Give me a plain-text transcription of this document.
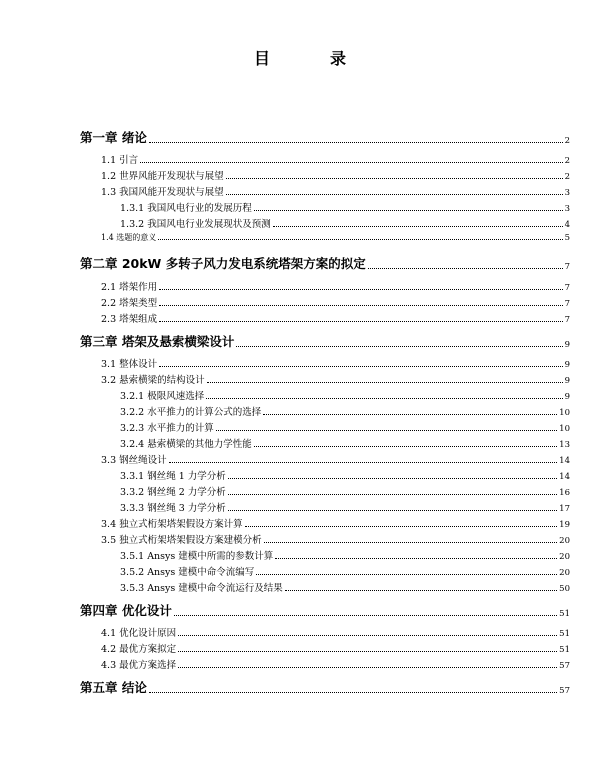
目　录
第一章 绪论	2
1.1 引言	2
1.2 世界风能开发现状与展望	2
1.3 我国风能开发现状与展望	3
1.3.1 我国风电行业的发展历程	3
1.3.2 我国风电行业发展现状及预测	4
1.4 选题的意义	5
第二章 20kW 多转子风力发电系统塔架方案的拟定	7
2.1 塔架作用	7
2.2 塔架类型	7
2.3 塔架组成	7
第三章 塔架及悬索横梁设计	9
3.1 整体设计	9
3.2 悬索横梁的结构设计	9
3.2.1 极限风速选择	9
3.2.2 水平推力的计算公式的选择	10
3.2.3 水平推力的计算	10
3.2.4 悬索横梁的其他力学性能	13
3.3 钢丝绳设计	14
3.3.1 钢丝绳 1 力学分析	14
3.3.2 钢丝绳 2 力学分析	16
3.3.3 钢丝绳 3 力学分析	17
3.4 独立式桁架塔架假设方案计算	19
3.5 独立式桁架塔架假设方案建模分析	20
3.5.1 Ansys 建模中所需的参数计算	20
3.5.2 Ansys 建模中命令流编写	20
3.5.3 Ansys 建模中命令流运行及结果	50
第四章 优化设计	51
4.1 优化设计原因	51
4.2 最优方案拟定	51
4.3 最优方案选择	57
第五章 结论	57
